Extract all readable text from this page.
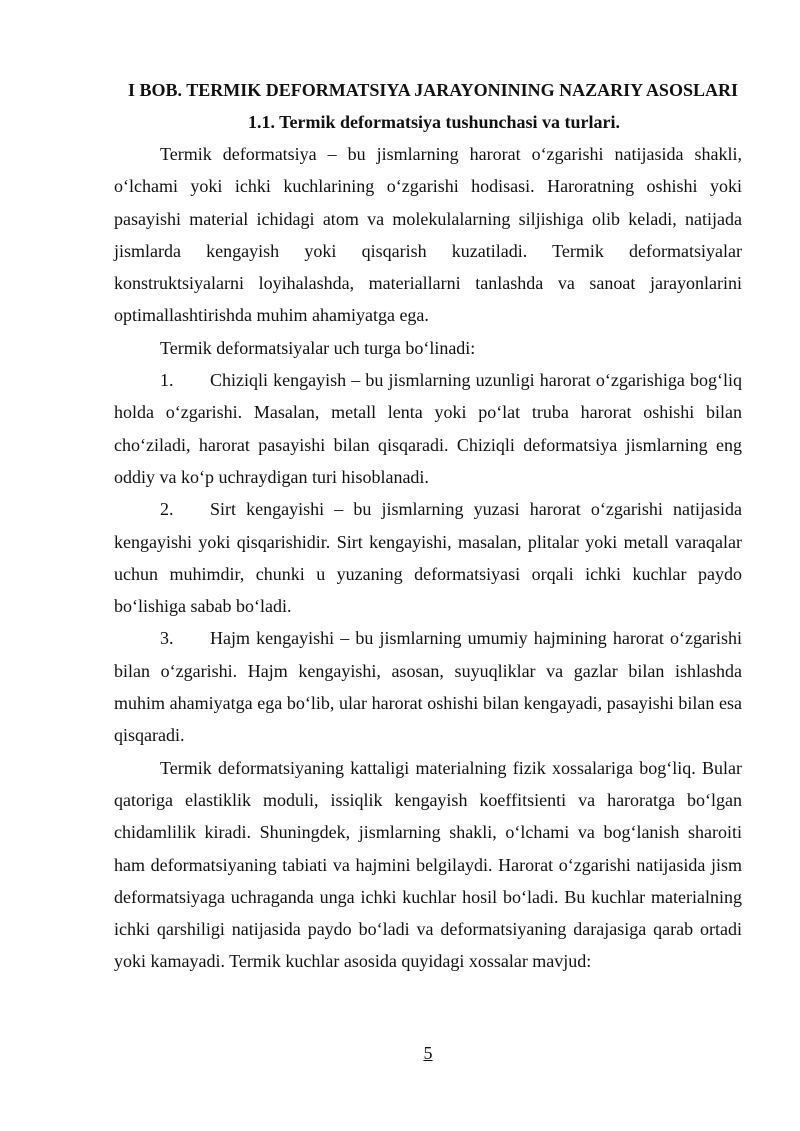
I BOB. TERMIK DEFORMATSIYA JARAYONINING NAZARIY ASOSLARI
1.1. Termik deformatsiya tushunchasi va turlari.

Termik deformatsiya – bu jismlarning harorat o‘zgarishi natijasida shakli, o‘lchami yoki ichki kuchlarining o‘zgarishi hodisasi. Haroratning oshishi yoki pasayishi material ichidagi atom va molekulalarning siljishiga olib keladi, natijada jismlarda kengayish yoki qisqarish kuzatiladi. Termik deformatsiyalar konstruktsiyalarni loyihalashda, materiallarni tanlashda va sanoat jarayonlarini optimallashtirishda muhim ahamiyatga ega.

Termik deformatsiyalar uch turga bo‘linadi:

1. Chiziqli kengayish – bu jismlarning uzunligi harorat o‘zgarishiga bog‘liq holda o‘zgarishi. Masalan, metall lenta yoki po‘lat truba harorat oshishi bilan cho‘ziladi, harorat pasayishi bilan qisqaradi. Chiziqli deformatsiya jismlarning eng oddiy va ko‘p uchraydigan turi hisoblanadi.

2. Sirt kengayishi – bu jismlarning yuzasi harorat o‘zgarishi natijasida kengayishi yoki qisqarishidir. Sirt kengayishi, masalan, plitalar yoki metall varaqalar uchun muhimdir, chunki u yuzaning deformatsiyasi orqali ichki kuchlar paydo bo‘lishiga sabab bo‘ladi.

3. Hajm kengayishi – bu jismlarning umumiy hajmining harorat o‘zgarishi bilan o‘zgarishi. Hajm kengayishi, asosan, suyuqliklar va gazlar bilan ishlashda muhim ahamiyatga ega bo‘lib, ular harorat oshishi bilan kengayadi, pasayishi bilan esa qisqaradi.

Termik deformatsiyaning kattaligi materialning fizik xossalariga bog‘liq. Bular qatoriga elastiklik moduli, issiqlik kengayish koeffitsienti va haroratga bo‘lgan chidamlilik kiradi. Shuningdek, jismlarning shakli, o‘lchami va bog‘lanish sharoiti ham deformatsiyaning tabiati va hajmini belgilaydi. Harorat o‘zgarishi natijasida jism deformatsiyaga uchraganda unga ichki kuchlar hosil bo‘ladi. Bu kuchlar materialning ichki qarshiligi natijasida paydo bo‘ladi va deformatsiyaning darajasiga qarab ortadi yoki kamayadi. Termik kuchlar asosida quyidagi xossalar mavjud:

5
